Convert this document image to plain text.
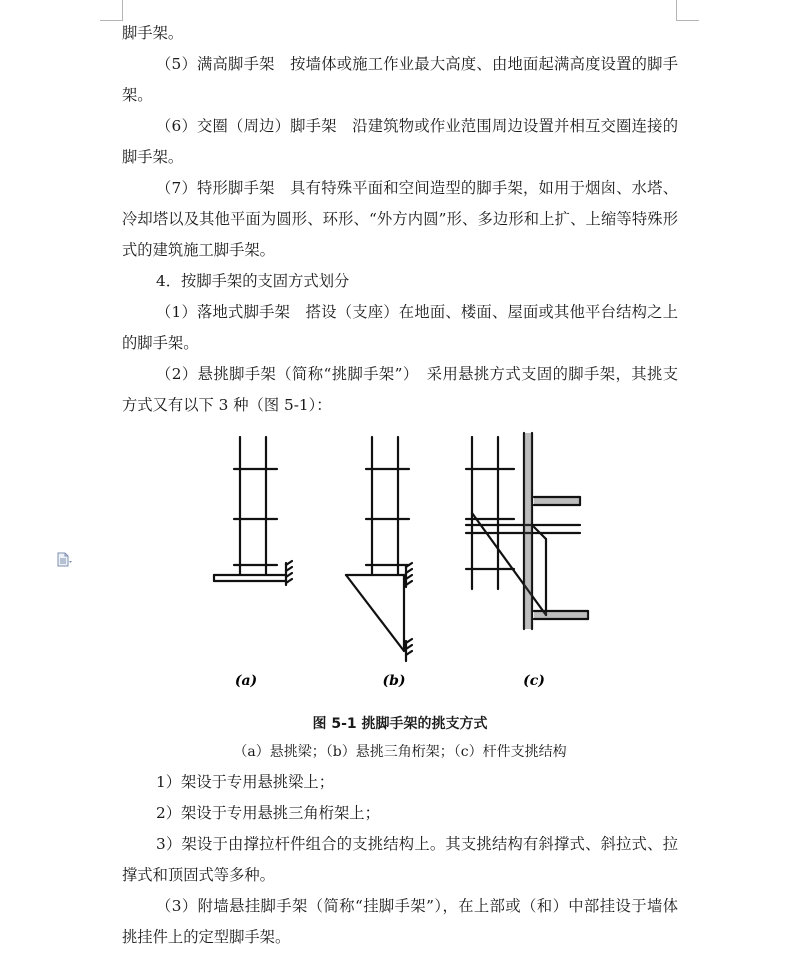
脚手架。

（5）满高脚手架　按墙体或施工作业最大高度、由地面起满高度设置的脚手架。

（6）交圈（周边）脚手架　沿建筑物或作业范围周边设置并相互交圈连接的脚手架。

（7）特形脚手架　具有特殊平面和空间造型的脚手架，如用于烟囱、水塔、冷却塔以及其他平面为圆形、环形、“外方内圆”形、多边形和上扩、上缩等特殊形式的建筑施工脚手架。

4．按脚手架的支固方式划分

（1）落地式脚手架　搭设（支座）在地面、楼面、屋面或其他平台结构之上的脚手架。

（2）悬挑脚手架（简称“挑脚手架”）　采用悬挑方式支固的脚手架，其挑支方式又有以下 3 种（图 5-1）：

(a)	(b)	(c)
图 5-1 挑脚手架的挑支方式
（a）悬挑梁；（b）悬挑三角桁架；（c）杆件支挑结构

1）架设于专用悬挑梁上；

2）架设于专用悬挑三角桁架上；

3）架设于由撑拉杆件组合的支挑结构上。其支挑结构有斜撑式、斜拉式、拉撑式和顶固式等多种。

（3）附墙悬挂脚手架（简称“挂脚手架”），在上部或（和）中部挂设于墙体挑挂件上的定型脚手架。
